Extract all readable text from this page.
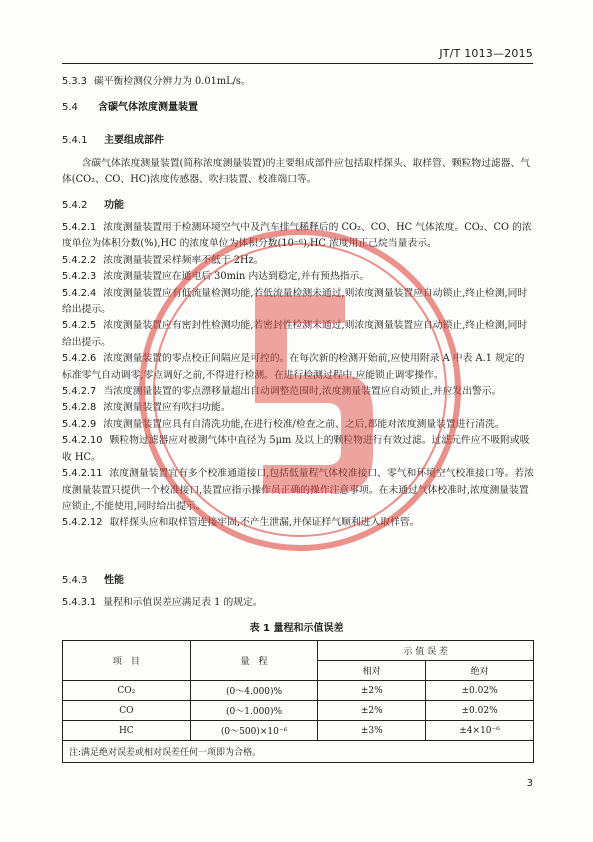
JT/T 1013—2015
5.3.3 碳平衡检测仪分辨力为 0.01mL/s。
5.4 含碳气体浓度测量装置
5.4.1 主要组成部件
含碳气体浓度测量装置(简称浓度测量装置)的主要组成部件应包括取样探头、取样管、颗粒物过滤器、气体(CO₂、CO、HC)浓度传感器、吹扫装置、校准端口等。
5.4.2 功能
5.4.2.1 浓度测量装置用于检测环境空气中及汽车排气稀释后的 CO₂、CO、HC 气体浓度。CO₂、CO 的浓度单位为体积分数(%),HC 的浓度单位为体积分数(10⁻⁶),HC 浓度用正己烷当量表示。
5.4.2.2 浓度测量装置采样频率不低于 2Hz。
5.4.2.3 浓度测量装置应在通电后 30min 内达到稳定,并有预热指示。
5.4.2.4 浓度测量装置应有低流量检测功能,若低流量检测未通过,则浓度测量装置应自动锁止,终止检测,同时给出提示。
5.4.2.5 浓度测量装置应有密封性检测功能,若密封性检测未通过,则浓度测量装置应自动锁止,终止检测,同时给出提示。
5.4.2.6 浓度测量装置的零点校正间隔应是可控的。在每次新的检测开始前,应使用附录 A 中表 A.1 规定的标准零气自动调零,零点调好之前,不得进行检测。在进行检测过程中,应能锁止调零操作。
5.4.2.7 当浓度测量装置的零点漂移量超出自动调整范围时,浓度测量装置应自动锁止,并应发出警示。
5.4.2.8 浓度测量装置应有吹扫功能。
5.4.2.9 浓度测量装置应具有自清洗功能,在进行校准/检查之前、之后,都能对浓度测量装置进行清洗。
5.4.2.10 颗粒物过滤器应对被测气体中直径为 5μm 及以上的颗粒物进行有效过滤。过滤元件应不吸附或吸收 HC。
5.4.2.11 浓度测量装置宜有多个校准通道接口,包括低量程气体校准接口、零气和环境空气校准接口等。若浓度测量装置只提供一个校准接口,装置应指示操作员正确的操作注意事项。在未通过气体校准时,浓度测量装置应锁止,不能使用,同时给出提示。
5.4.2.12 取样探头应和取样管连接牢固,不产生泄漏,并保证样气顺利进入取样管。
5.4.3 性能
5.4.3.1 量程和示值误差应满足表 1 的规定。
表 1 量程和示值误差
项　目	量　程	示 值 误 差	
		相对	绝对
CO₂	(0～4.000)%	±2%	±0.02%
CO	(0～1.000)%	±2%	±0.02%
HC	(0～500)×10⁻⁶	±3%	±4×10⁻⁶
注:满足绝对误差或相对误差任何一项即为合格。			
3
